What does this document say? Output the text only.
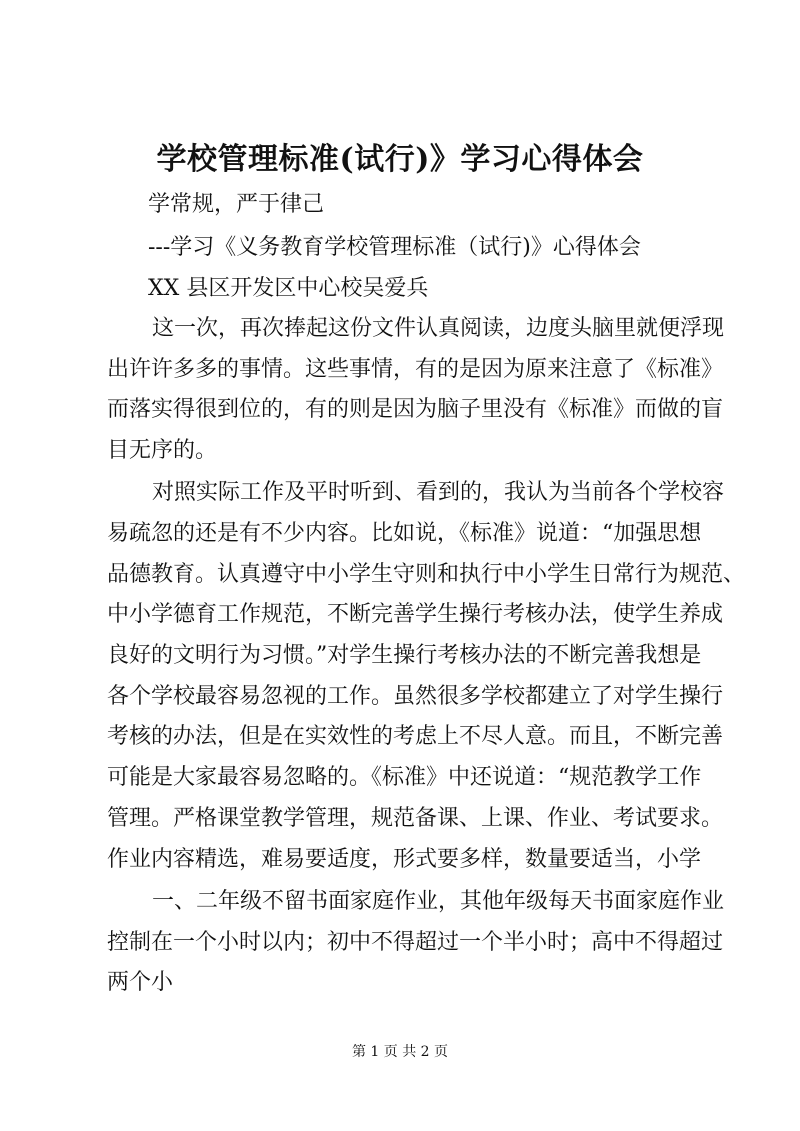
学校管理标准(试行)》学习心得体会
学常规，严于律己
---学习《义务教育学校管理标准（试行)》心得体会
XX 县区开发区中心校吴爱兵
这一次，再次捧起这份文件认真阅读，边度头脑里就便浮现
出许许多多的事情。这些事情，有的是因为原来注意了《标准》
而落实得很到位的，有的则是因为脑子里没有《标准》而做的盲
目无序的。
对照实际工作及平时听到、看到的，我认为当前各个学校容
易疏忽的还是有不少内容。比如说，《标准》说道：“加强思想
品德教育。认真遵守中小学生守则和执行中小学生日常行为规范、
中小学德育工作规范，不断完善学生操行考核办法，使学生养成
良好的文明行为习惯。”对学生操行考核办法的不断完善我想是
各个学校最容易忽视的工作。虽然很多学校都建立了对学生操行
考核的办法，但是在实效性的考虑上不尽人意。而且，不断完善
可能是大家最容易忽略的。《标准》中还说道：“规范教学工作
管理。严格课堂教学管理，规范备课、上课、作业、考试要求。
作业内容精选，难易要适度，形式要多样，数量要适当，小学
一、二年级不留书面家庭作业，其他年级每天书面家庭作业
控制在一个小时以内；初中不得超过一个半小时；高中不得超过
两个小
第 1 页 共 2 页
